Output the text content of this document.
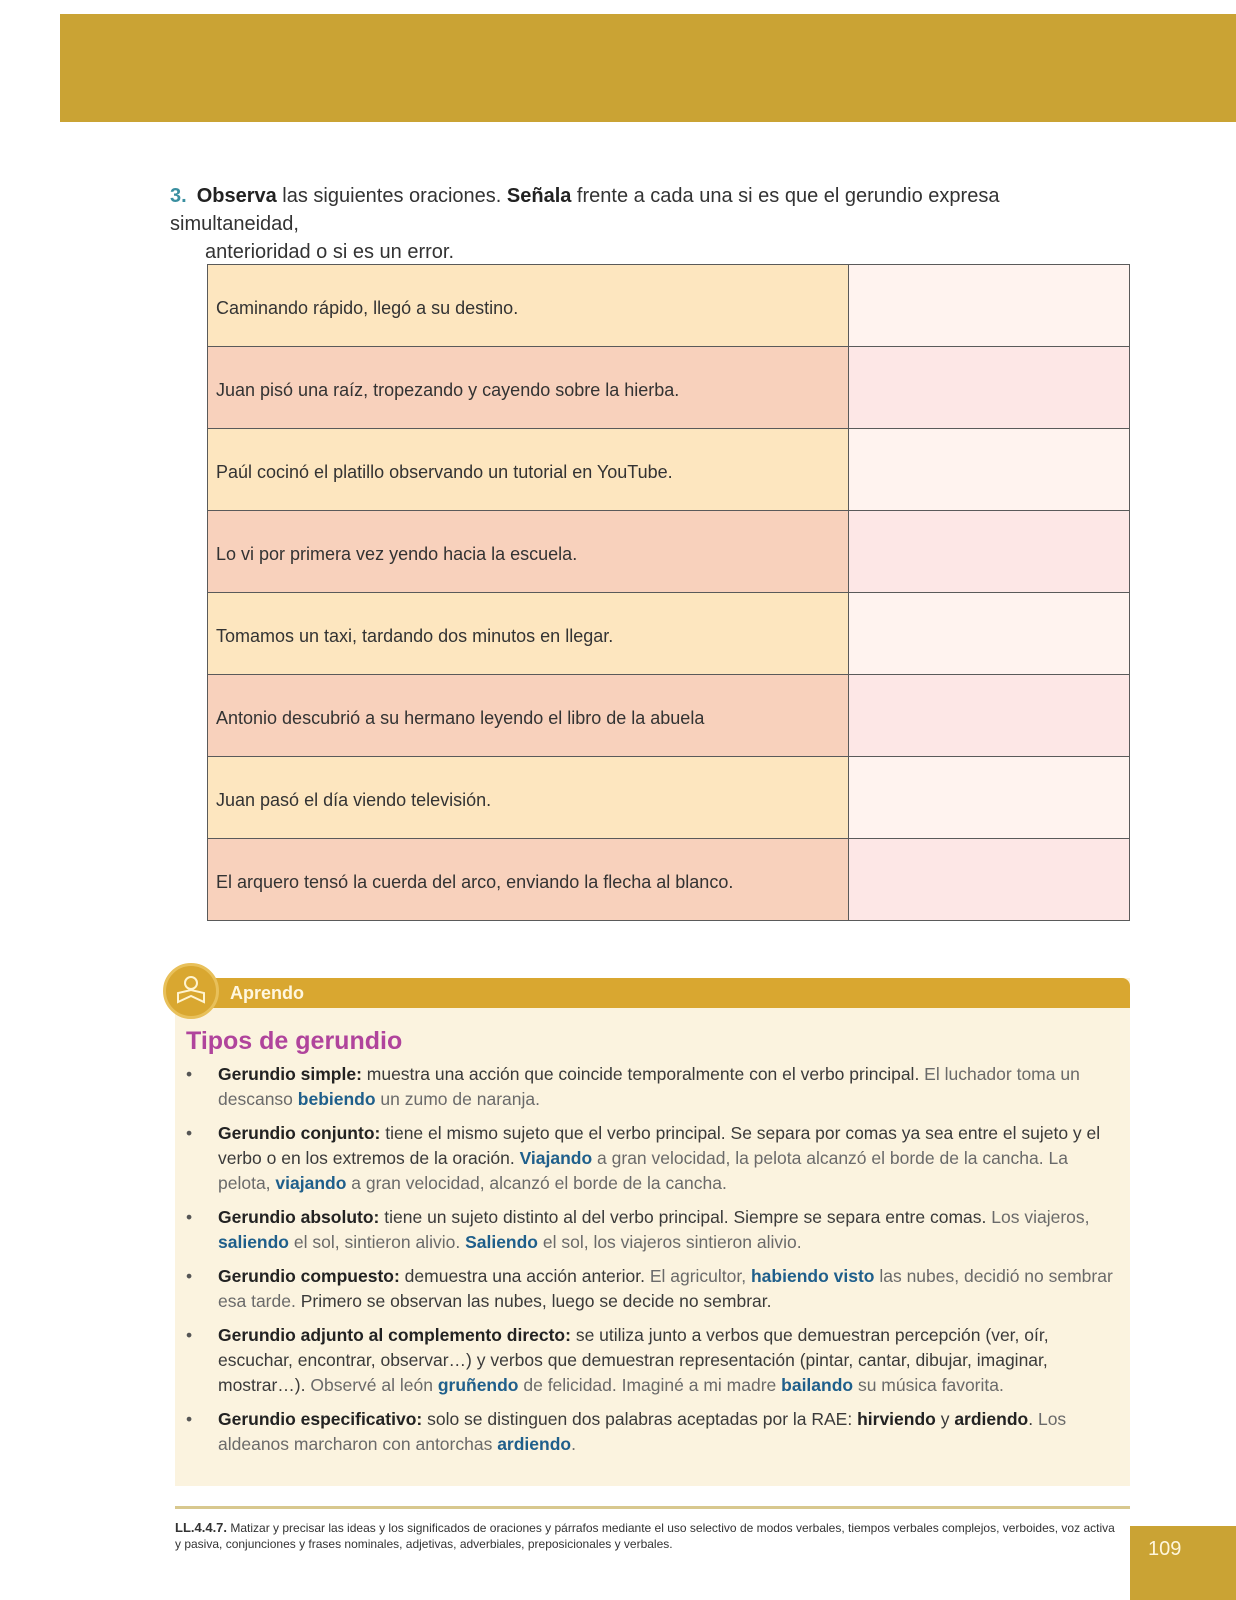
3. Observa las siguientes oraciones. Señala frente a cada una si es que el gerundio expresa simultaneidad,
anterioridad o si es un error.
Caminando rápido, llegó a su destino.	
Juan pisó una raíz, tropezando y cayendo sobre la hierba.	
Paúl cocinó el platillo observando un tutorial en YouTube.	
Lo vi por primera vez yendo hacia la escuela.	
Tomamos un taxi, tardando dos minutos en llegar.	
Antonio descubrió a su hermano leyendo el libro de la abuela	
Juan pasó el día viendo televisión.	
El arquero tensó la cuerda del arco, enviando la flecha al blanco.	
Aprendo
Tipos de gerundio
• Gerundio simple: muestra una acción que coincide temporalmente con el verbo principal. El luchador toma un descanso bebiendo un zumo de naranja.
• Gerundio conjunto: tiene el mismo sujeto que el verbo principal. Se separa por comas ya sea entre el sujeto y el verbo o en los extremos de la oración. Viajando a gran velocidad, la pelota alcanzó el borde de la cancha. La pelota, viajando a gran velocidad, alcanzó el borde de la cancha.
• Gerundio absoluto: tiene un sujeto distinto al del verbo principal. Siempre se separa entre comas. Los viajeros, saliendo el sol, sintieron alivio. Saliendo el sol, los viajeros sintieron alivio.
• Gerundio compuesto: demuestra una acción anterior. El agricultor, habiendo visto las nubes, decidió no sembrar esa tarde. Primero se observan las nubes, luego se decide no sembrar.
• Gerundio adjunto al complemento directo: se utiliza junto a verbos que demuestran percepción (ver, oír, escuchar, encontrar, observar…) y verbos que demuestran representación (pintar, cantar, dibujar, imaginar, mostrar…). Observé al león gruñendo de felicidad. Imaginé a mi madre bailando su música favorita.
• Gerundio especificativo: solo se distinguen dos palabras aceptadas por la RAE: hirviendo y ardiendo. Los aldeanos marcharon con antorchas ardiendo.
LL.4.4.7. Matizar y precisar las ideas y los significados de oraciones y párrafos mediante el uso selectivo de modos verbales, tiempos verbales complejos, verboides, voz activa y pasiva, conjunciones y frases nominales, adjetivas, adverbiales, preposicionales y verbales.	109
